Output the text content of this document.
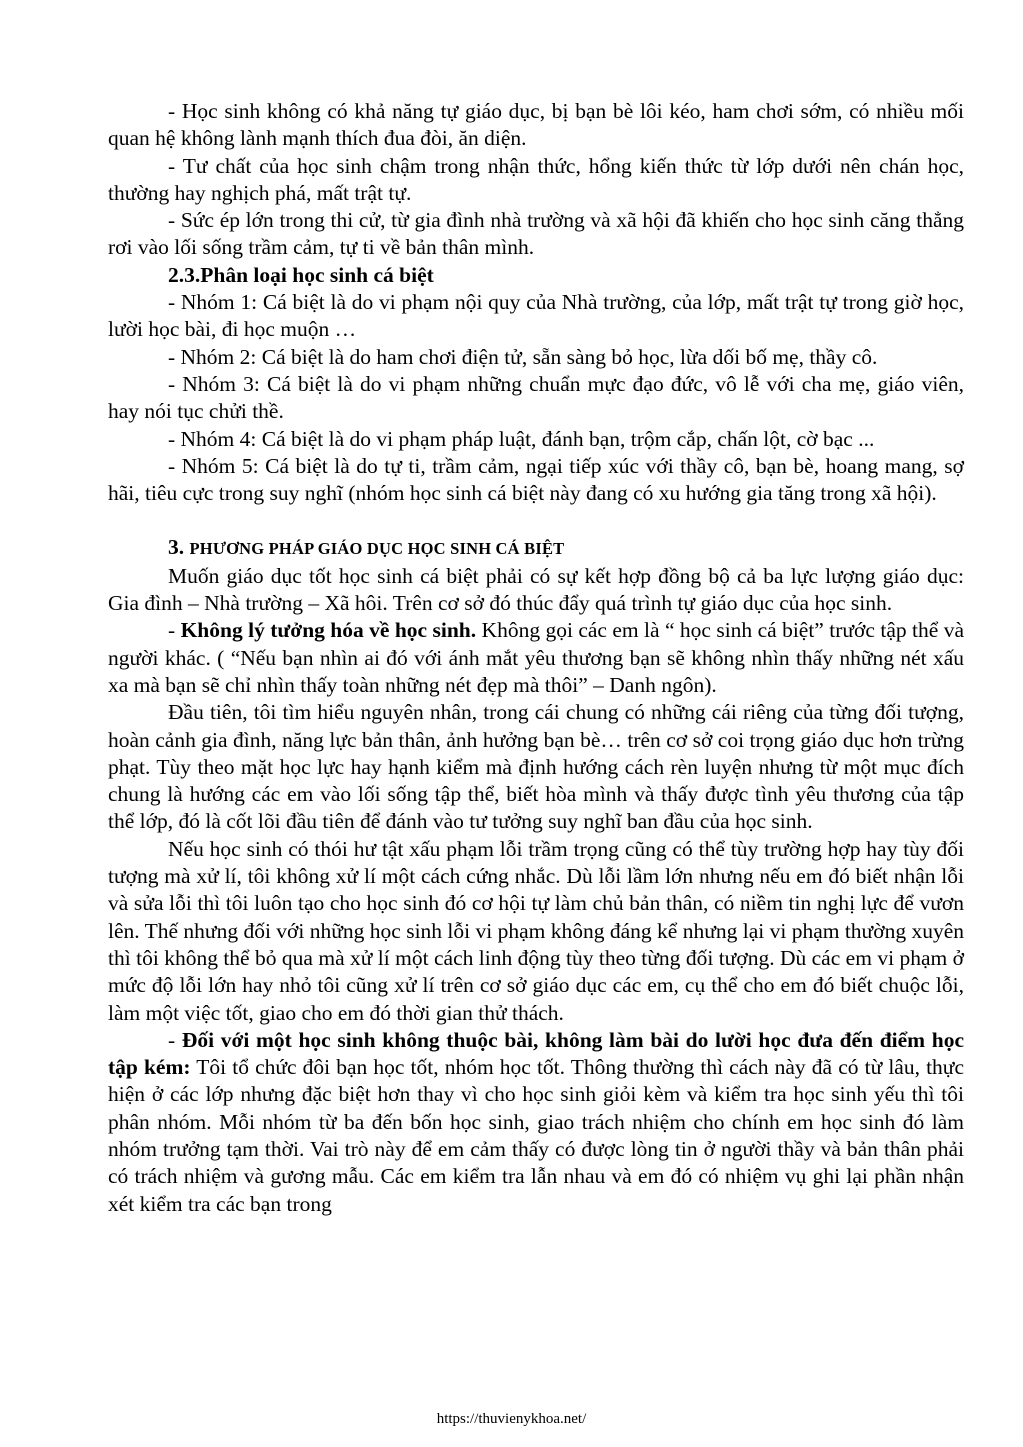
- Học sinh không có khả năng tự giáo dục, bị bạn bè lôi kéo, ham chơi sớm, có nhiều mối quan hệ không lành mạnh thích đua đòi, ăn diện.

- Tư chất của học sinh chậm trong nhận thức, hổng kiến thức từ lớp dưới nên chán học, thường hay nghịch phá, mất trật tự.

- Sức ép lớn trong thi cử, từ gia đình nhà trường và xã hội đã khiến cho học sinh căng thẳng rơi vào lối sống trầm cảm, tự ti về bản thân mình.

2.3.Phân loại học sinh cá biệt

- Nhóm 1: Cá biệt là do vi phạm nội quy của Nhà trường, của lớp, mất trật tự trong giờ học, lười học bài, đi học muộn …

- Nhóm 2: Cá biệt là do ham chơi điện tử, sẵn sàng bỏ học, lừa dối bố mẹ, thầy cô.

- Nhóm 3: Cá biệt là do vi phạm những chuẩn mực đạo đức, vô lễ với cha mẹ, giáo viên, hay nói tục chửi thề.

- Nhóm 4: Cá biệt là do vi phạm pháp luật, đánh bạn, trộm cắp, chấn lột, cờ bạc ...

- Nhóm 5: Cá biệt là do tự ti, trầm cảm, ngại tiếp xúc với thầy cô, bạn bè, hoang mang, sợ hãi, tiêu cực trong suy nghĩ (nhóm học sinh cá biệt này đang có xu hướng gia tăng trong xã hội).

3. PHƯƠNG PHÁP GIÁO DỤC HỌC SINH CÁ BIỆT

Muốn giáo dục tốt học sinh cá biệt phải có sự kết hợp đồng bộ cả ba lực lượng giáo dục: Gia đình – Nhà trường – Xã hôi. Trên cơ sở đó thúc đẩy quá trình tự giáo dục của học sinh.

- Không lý tưởng hóa về học sinh. Không gọi các em là “ học sinh cá biệt” trước tập thể và người khác. ( “Nếu bạn nhìn ai đó với ánh mắt yêu thương bạn sẽ không nhìn thấy những nét xấu xa mà bạn sẽ chỉ nhìn thấy toàn những nét đẹp mà thôi” – Danh ngôn).

Đầu tiên, tôi tìm hiểu nguyên nhân, trong cái chung có những cái riêng của từng đối tượng, hoàn cảnh gia đình, năng lực bản thân, ảnh hưởng bạn bè… trên cơ sở coi trọng giáo dục hơn trừng phạt. Tùy theo mặt học lực hay hạnh kiểm mà định hướng cách rèn luyện nhưng từ một mục đích chung là hướng các em vào lối sống tập thể, biết hòa mình và thấy được tình yêu thương của tập thể lớp, đó là cốt lõi đầu tiên để đánh vào tư tưởng suy nghĩ ban đầu của học sinh.

Nếu học sinh có thói hư tật xấu phạm lỗi trầm trọng cũng có thể tùy trường hợp hay tùy đối tượng mà xử lí, tôi không xử lí một cách cứng nhắc. Dù lỗi lầm lớn nhưng nếu em đó biết nhận lỗi và sửa lỗi thì tôi luôn tạo cho học sinh đó cơ hội tự làm chủ bản thân, có niềm tin nghị lực để vươn lên. Thế nhưng đối với những học sinh lỗi vi phạm không đáng kể nhưng lại vi phạm thường xuyên thì tôi không thể bỏ qua mà xử lí một cách linh động tùy theo từng đối tượng. Dù các em vi phạm ở mức độ lỗi lớn hay nhỏ tôi cũng xử lí trên cơ sở giáo dục các em, cụ thể cho em đó biết chuộc lỗi, làm một việc tốt, giao cho em đó thời gian thử thách.

- Đối với một học sinh không thuộc bài, không làm bài do lười học đưa đến điểm học tập kém: Tôi tổ chức đôi bạn học tốt, nhóm học tốt. Thông thường thì cách này đã có từ lâu, thực hiện ở các lớp nhưng đặc biệt hơn thay vì cho học sinh giỏi kèm và kiểm tra học sinh yếu thì tôi phân nhóm. Mỗi nhóm từ ba đến bốn học sinh, giao trách nhiệm cho chính em học sinh đó làm nhóm trưởng tạm thời. Vai trò này để em cảm thấy có được lòng tin ở người thầy và bản thân phải có trách nhiệm và gương mẫu. Các em kiểm tra lẫn nhau và em đó có nhiệm vụ ghi lại phần nhận xét kiểm tra các bạn trong

https://thuvienykhoa.net/
